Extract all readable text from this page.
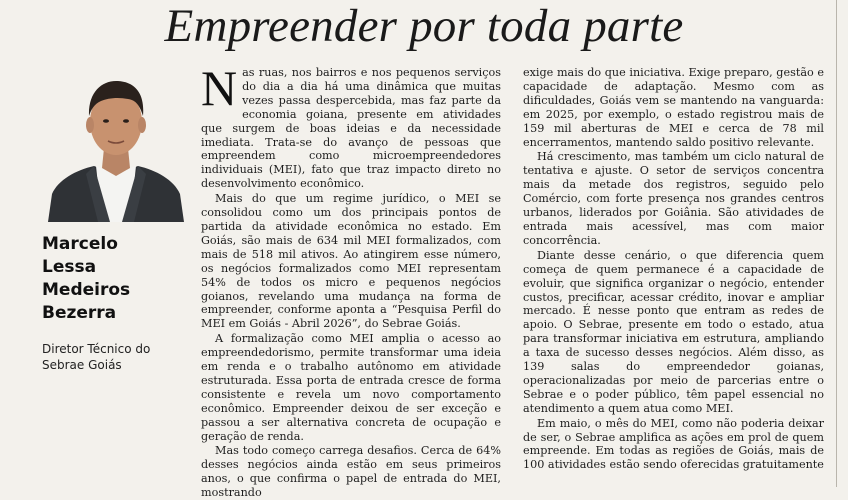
Empreender por toda parte
Marcelo
Lessa
Medeiros
Bezerra
Diretor Técnico do
Sebrae Goiás

Nas ruas, nos bairros e nos pequenos serviços do dia a dia há uma dinâmica que muitas vezes passa despercebida, mas faz parte da economia goiana, presente em atividades que surgem de boas ideias e da necessidade imediata. Trata-se do avanço de pessoas que empreendem como microempreendedores individuais (MEI), fato que traz impacto direto no desenvolvimento econômico.

Mais do que um regime jurídico, o MEI se consolidou como um dos principais pontos de partida da atividade econômica no estado. Em Goiás, são mais de 634 mil MEI formalizados, com mais de 518 mil ativos. Ao atingirem esse número, os negócios formalizados como MEI representam 54% de todos os micro e pequenos negócios goianos, revelando uma mudança na forma de empreender, conforme aponta a “Pesquisa Perfil do MEI em Goiás - Abril 2026”, do Sebrae Goiás.

A formalização como MEI amplia o acesso ao empreendedorismo, permite transformar uma ideia em renda e o trabalho autônomo em atividade estruturada. Essa porta de entrada cresce de forma consistente e revela um novo comportamento econômico. Empreender deixou de ser exceção e passou a ser alternativa concreta de ocupação e geração de renda.

Mas todo começo carrega desafios. Cerca de 64% desses negócios ainda estão em seus primeiros anos, o que confirma o papel de entrada do MEI, mostrando

exige mais do que iniciativa. Exige preparo, gestão e capacidade de adaptação. Mesmo com as dificuldades, Goiás vem se mantendo na vanguarda: em 2025, por exemplo, o estado registrou mais de 159 mil aberturas de MEI e cerca de 78 mil encerramentos, mantendo saldo positivo relevante.

Há crescimento, mas também um ciclo natural de tentativa e ajuste. O setor de serviços concentra mais da metade dos registros, seguido pelo Comércio, com forte presença nos grandes centros urbanos, liderados por Goiânia. São atividades de entrada mais acessível, mas com maior concorrência.

Diante desse cenário, o que diferencia quem começa de quem permanece é a capacidade de evoluir, que significa organizar o negócio, entender custos, precificar, acessar crédito, inovar e ampliar mercado. É nesse ponto que entram as redes de apoio. O Sebrae, presente em todo o estado, atua para transformar iniciativa em estrutura, ampliando a taxa de sucesso desses negócios. Além disso, as 139 salas do empreendedor goianas, operacionalizadas por meio de parcerias entre o Sebrae e o poder público, têm papel essencial no atendimento a quem atua como MEI.

Em maio, o mês do MEI, como não poderia deixar de ser, o Sebrae amplifica as ações em prol de quem empreende. Em todas as regiões de Goiás, mais de 100 atividades estão sendo oferecidas gratuitamente
